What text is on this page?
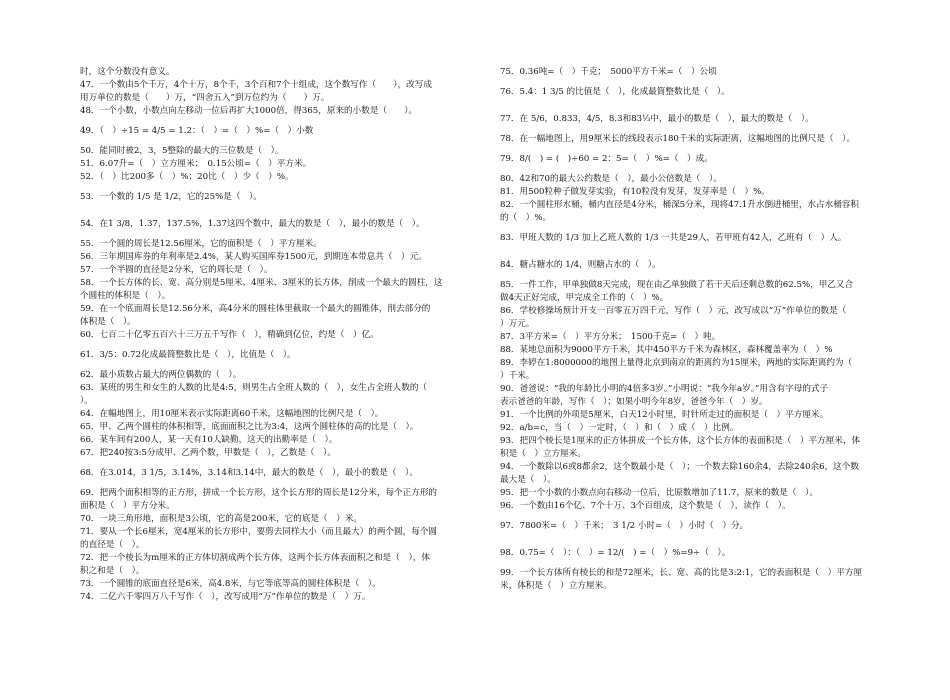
时，这个分数没有意义。
47．一个数由5个千万，4个十万，8个千，3个百和7个十组成，这个数写作（　　），改写成
用万单位的数是（　　）万，“四舍五入”到万位约为（　　）万。
48．一个小数，小数点向左移动一位后再扩大1000倍，得365，原来的小数是（　　）。
49．（　）÷15 = 4/5 = 1.2：（　）=（　）%=（　）小数
50．能同时被2，3，5整除的最大的三位数是（　）。
51．6.07升=（　）立方厘米；　0.15公顷=（　）平方米。
52．（　）比200多（　）%；20比（　）少（　）%。
53．一个数的 1/5 是 1/2，它的25%是（　）。
54．在1 3/8，1.37，137.5%，1.37这四个数中，最大的数是（　），最小的数是（　）。
55．一个圆的周长是12.56厘米，它的面积是（　）平方厘米。
56．三年期国库券的年利率是2.4%，某人购买国库券1500元，到期连本带息共（　）元。
57．一个半圆的直径是2分米，它的周长是（　）。
58．一个长方体的长、宽、高分别是5厘米、4厘米、3厘米的长方体，削成一个最大的圆柱，这
个圆柱的体积是（　）。
59．在一个底面周长是12.56分米，高4分米的圆柱体里截取一个最大的圆锥体，削去部分的
体积是（　）。
60．七百二十亿零五百六十三万五千写作（　），精确到亿位，约是（　）亿。
61．3/5：0.72化成最简整数比是（　），比值是（　）。
62．最小质数占最大的两位偶数的（　）。
63．某班的男生和女生的人数的比是4:5，则男生占全班人数的（　），女生占全班人数的（
）。
64．在幅地图上，用10厘米表示实际距离60千米，这幅地图的比例尺是（　）。
65．甲、乙两个圆柱的体积相等，底面面积之比为3:4，这两个圆柱体的高的比是（　）。
66．某车间有200人，某一天有10人缺勤，这天的出勤率是（　）。
67．把240按3:5分成甲、乙两个数，甲数是（　），乙数是（　）。
68．在3.014，3 1/5，3.14%，3.14和3.14中，最大的数是（　），最小的数是（　）。
69．把两个面积相等的正方形，拼成一个长方形，这个长方形的周长是12分米，每个正方形的
面积是（　）平方分米。
70．一块三角形地，面积是3公顷，它的高是200米，它的底是（　）米。
71．要从一个长6厘米，宽4厘米的长方形中，要剪去同样大小（而且最大）的两个圆，每个圆
的直径是（　）。
72．把一个棱长为m厘米的正方体切割成两个长方体，这两个长方体表面积之和是（　），体
积之和是（　）。
73．一个圆锥的底面直径是6米，高4.8米，与它等底等高的圆柱体积是（　）。
74．二亿六千零四万八千写作（　），改写成用“万”作单位的数是（　）万。
75．0.36吨=（　）千克；　5000平方千米=（　）公顷
76．5.4：1 3/5 的比值是（　），化成最简整数比是（　）。
77．在 5/6，0.833，4/5，8.3和83⅓中，最小的数是（　），最大的数是（　）。
78．在一幅地图上，用9厘米长的线段表示180千米的实际距离，这幅地图的比例尺是（　）。
79．8/(　) = (　)÷60 = 2：5=（　）%=（　）成。
80．42和70的最大公约数是（　），最小公倍数是（　）。
81．用500粒种子做发芽实验，有10粒没有发芽，发芽率是（　）%。
82．一个圆柱形水桶，桶内直径是4分米，桶深5分米，现将47.1升水倒进桶里，水占水桶容积
的（　）%。
83．甲班人数的 1/3 加上乙班人数的 1/3 一共是29人，若甲班有42人，乙班有（　）人。
84．糖占糖水的 1/4，则糖占水的（　）。
85．一件工作，甲单独做8天完成，现在由乙单独做了若干天后还剩总数的62.5%，甲乙又合
做4天正好完成，甲完成全工作的（　）%。
86．学校修操场预计开支一百零五万四千元，写作（　）元，改写成以“万”作单位的数是（
）万元。
87．3平方米=（　）平方分米；　1500千克=（　）吨。
88．某地总面积为9000平方千米，其中450平方千米为森林区，森林覆盖率为（　）%
89．李婷在1:8000000的地图上量得北京到南京的距离约为15厘米，两地的实际距离约为（
）千米。
90．爸爸说：“我的年龄比小明的4倍多3岁。”小明说：“我今年a岁。”用含有字母的式子
表示爸爸的年龄，写作（　）；如果小明今年8岁，爸爸今年（　）岁。
91．一个比例的外项是5厘米，白天12小时里，时针所走过的面积是（　）平方厘米。
92．a/b=c，当（　）一定时，（　）和（　）成（　）比例。
93．把四个棱长是1厘米的正方体拼成一个长方体，这个长方体的表面积是（　）平方厘米，体
积是（　）立方厘米。
94．一个数除以6或8都余2，这个数最小是（　）；一个数去除160余4，去除240余6，这个数
最大是（　）。
95．把一个小数的小数点向右移动一位后，比原数增加了11.7，原来的数是（　）。
96．一个数由16个亿、7个十万、3个百组成，这个数是（　），读作（　）。
97．7800米=（　）千米；　3 1/2 小时=（　）小时（　）分。
98．0.75=（　）：（　）= 12/(　) =（　）%=9÷（　）。
99．一个长方体所有棱长的和是72厘米，长、宽、高的比是3:2:1，它的表面积是（　）平方厘
米，体积是（　）立方厘米。
